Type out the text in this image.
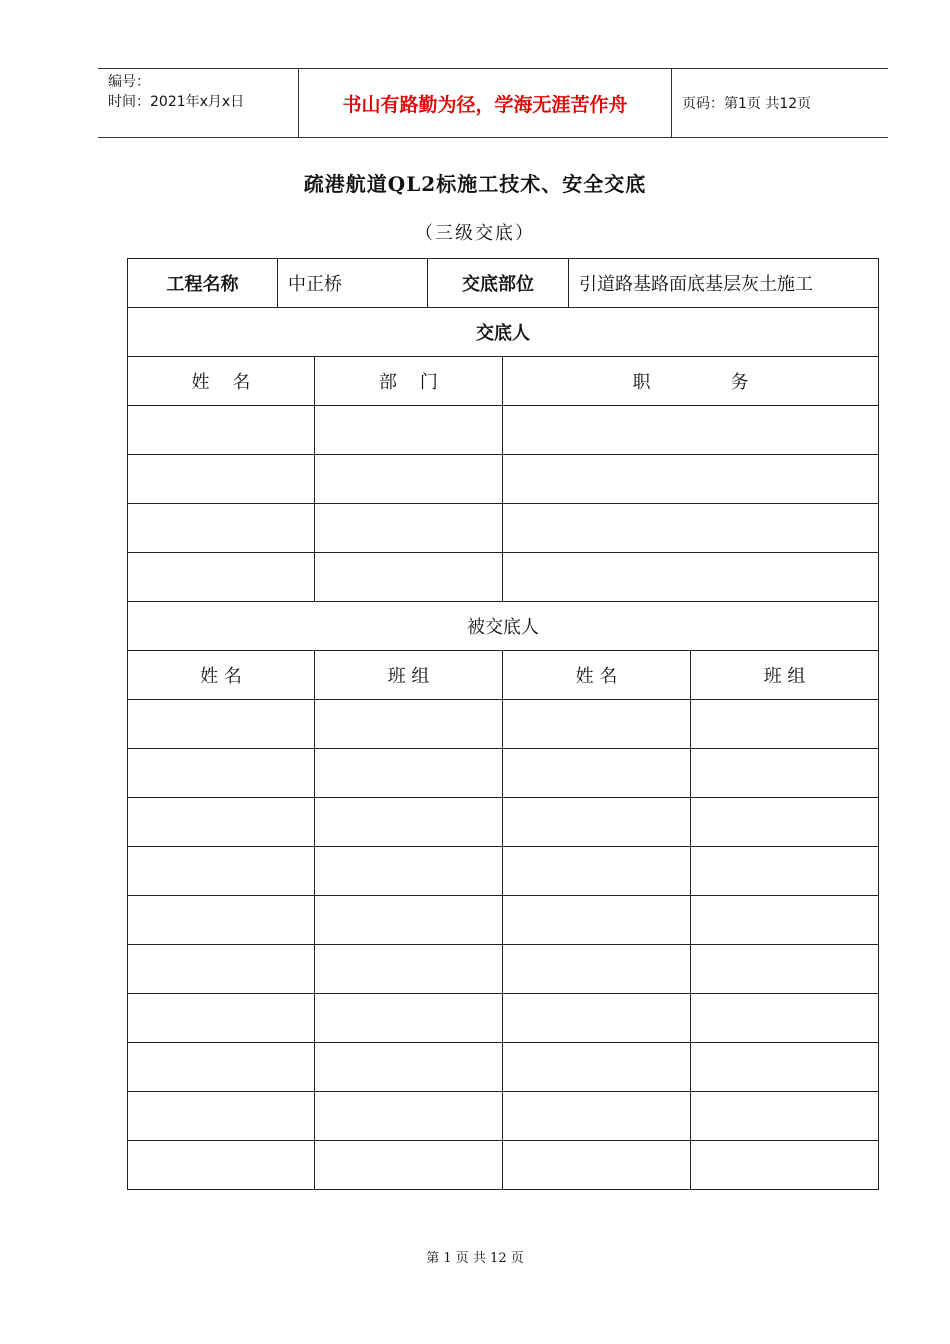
编号：
时间：2021年x月x日	书山有路勤为径，学海无涯苦作舟	页码：第1页 共12页
疏港航道QL2标施工技术、安全交底
（三级交底）
工程名称	中正桥		交底部位		引道路基路面底基层灰土施工	
交底人						
姓    名		部    门		职              务		

被交底人						
姓 名		班 组		姓 名		班 组

第 1 页 共 12 页
